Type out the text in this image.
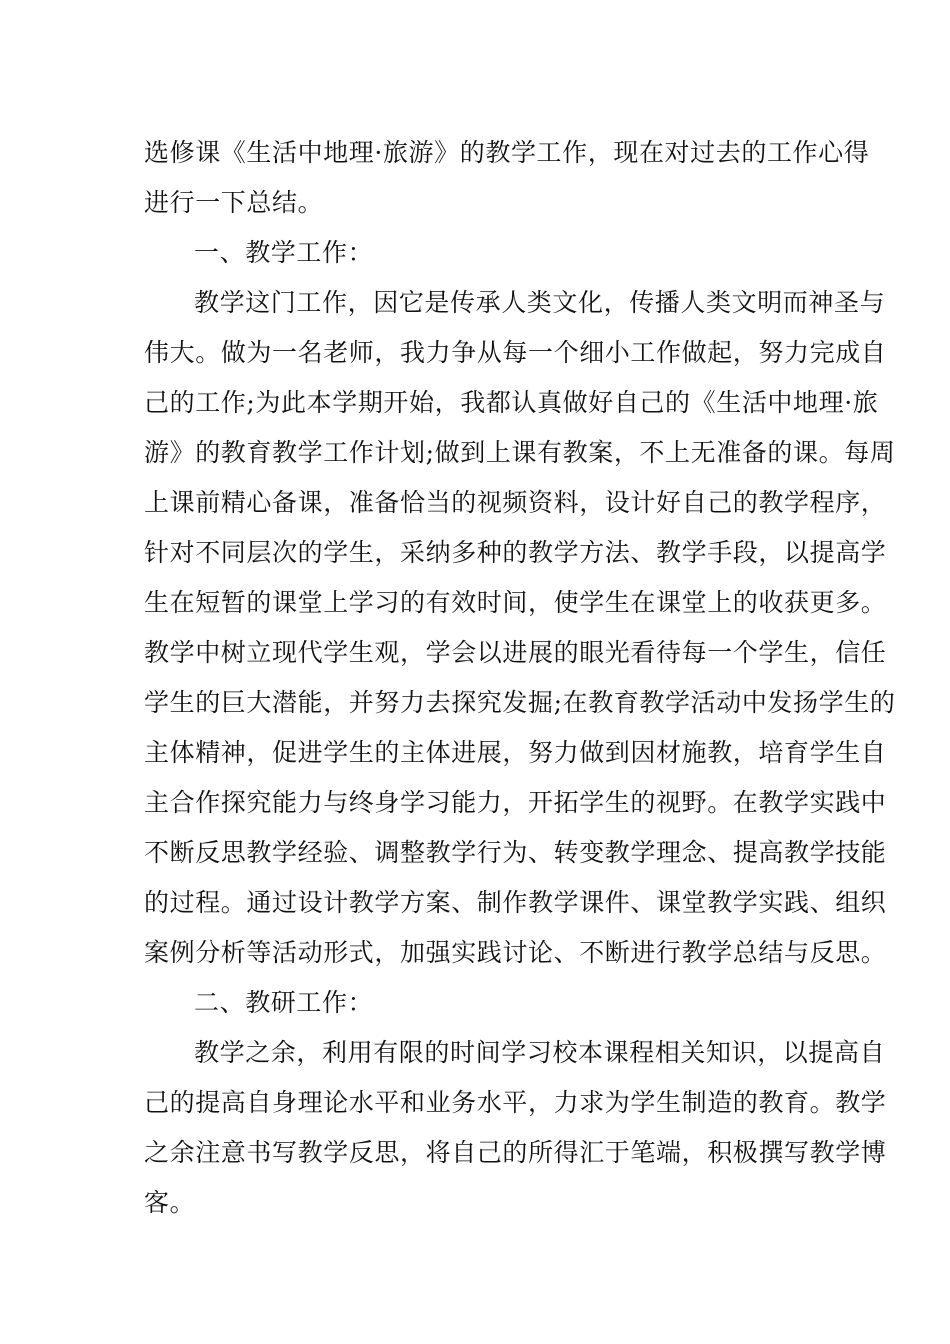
选修课《生活中地理·旅游》的教学工作，现在对过去的工作心得
进行一下总结。
一、教学工作：
教学这门工作，因它是传承人类文化，传播人类文明而神圣与
伟大。做为一名老师，我力争从每一个细小工作做起，努力完成自
己的工作;为此本学期开始，我都认真做好自己的《生活中地理·旅
游》的教育教学工作计划;做到上课有教案，不上无准备的课。每周
上课前精心备课，准备恰当的视频资料，设计好自己的教学程序，
针对不同层次的学生，采纳多种的教学方法、教学手段，以提高学
生在短暂的课堂上学习的有效时间，使学生在课堂上的收获更多。
教学中树立现代学生观，学会以进展的眼光看待每一个学生，信任
学生的巨大潜能，并努力去探究发掘;在教育教学活动中发扬学生的
主体精神，促进学生的主体进展，努力做到因材施教，培育学生自
主合作探究能力与终身学习能力，开拓学生的视野。在教学实践中
不断反思教学经验、调整教学行为、转变教学理念、提高教学技能
的过程。通过设计教学方案、制作教学课件、课堂教学实践、组织
案例分析等活动形式，加强实践讨论、不断进行教学总结与反思。
二、教研工作：
教学之余，利用有限的时间学习校本课程相关知识，以提高自
己的提高自身理论水平和业务水平，力求为学生制造的教育。教学
之余注意书写教学反思，将自己的所得汇于笔端，积极撰写教学博
客。
